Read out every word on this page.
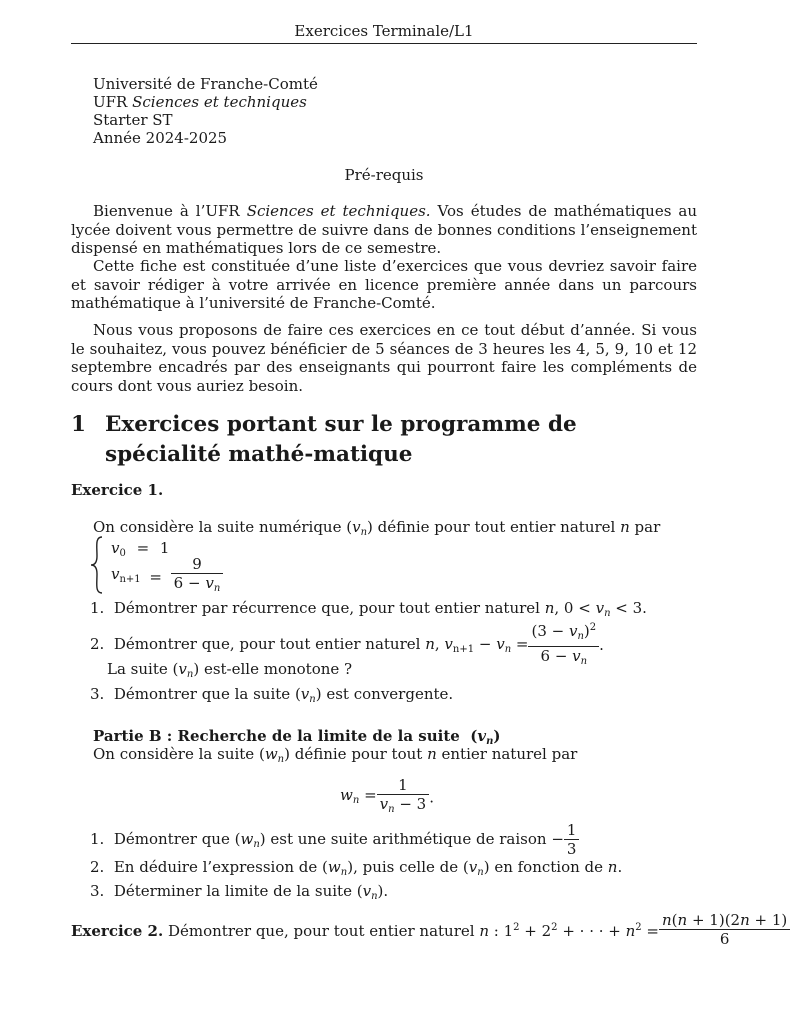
Exercices Terminale/L1
Université de Franche-Comté
UFR Sciences et techniques
Starter ST
Année 2024-2025
Pré-requis
Bienvenue à l’UFR Sciences et techniques. Vos études de mathématiques au lycée doivent vous permettre de suivre dans de bonnes conditions l’enseignement dispensé en mathématiques lors de ce semestre.
Cette fiche est constituée d’une liste d’exercices que vous devriez savoir faire et savoir rédiger à votre arrivée en licence première année dans un parcours mathématique à l’université de Franche-Comté.
Nous vous proposons de faire ces exercices en ce tout début d’année. Si vous le souhaitez, vous pouvez bénéficier de 5 séances de 3 heures les 4, 5, 9, 10 et 12 septembre encadrés par des enseignants qui pourront faire les compléments de cours dont vous auriez besoin.
1 Exercices portant sur le programme de spécialité mathé-matique
Exercice 1.
On considère la suite numérique $(v_n)$ définie pour tout entier naturel n par
$v_0 = 1$
$v_{n+1} = \frac{9}{6 - v_n}$
1.  Démontrer par récurrence que, pour tout entier naturel n, $0 < v_n < 3$.
2.  Démontrer que, pour tout entier naturel n, $v_{n+1} - v_n = \frac{(3 - v_n)^2}{6 - v_n}$ .
La suite $(v_n)$ est-elle monotone ?
3.  Démontrer que la suite $(v_n)$ est convergente.
Partie B : Recherche de la limite de la suite  $(v_n)$
On considère la suite $(w_n)$ définie pour tout n entier naturel par
$w_n = \frac{1}{v_n - 3}$ .
1.  Démontrer que $(w_n)$ est une suite arithmétique de raison − $\frac{1}{3}$
2.  En déduire l’expression de $(w_n)$, puis celle de $(v_n)$ en fonction de n.
3.  Déterminer la limite de la suite $(v_n)$.
Exercice 2. Démontrer que, pour tout entier naturel n : $1^2 + 2^2$ + · · · + $n^2 = \frac{n(n + 1)(2n + 1)}{6}$
